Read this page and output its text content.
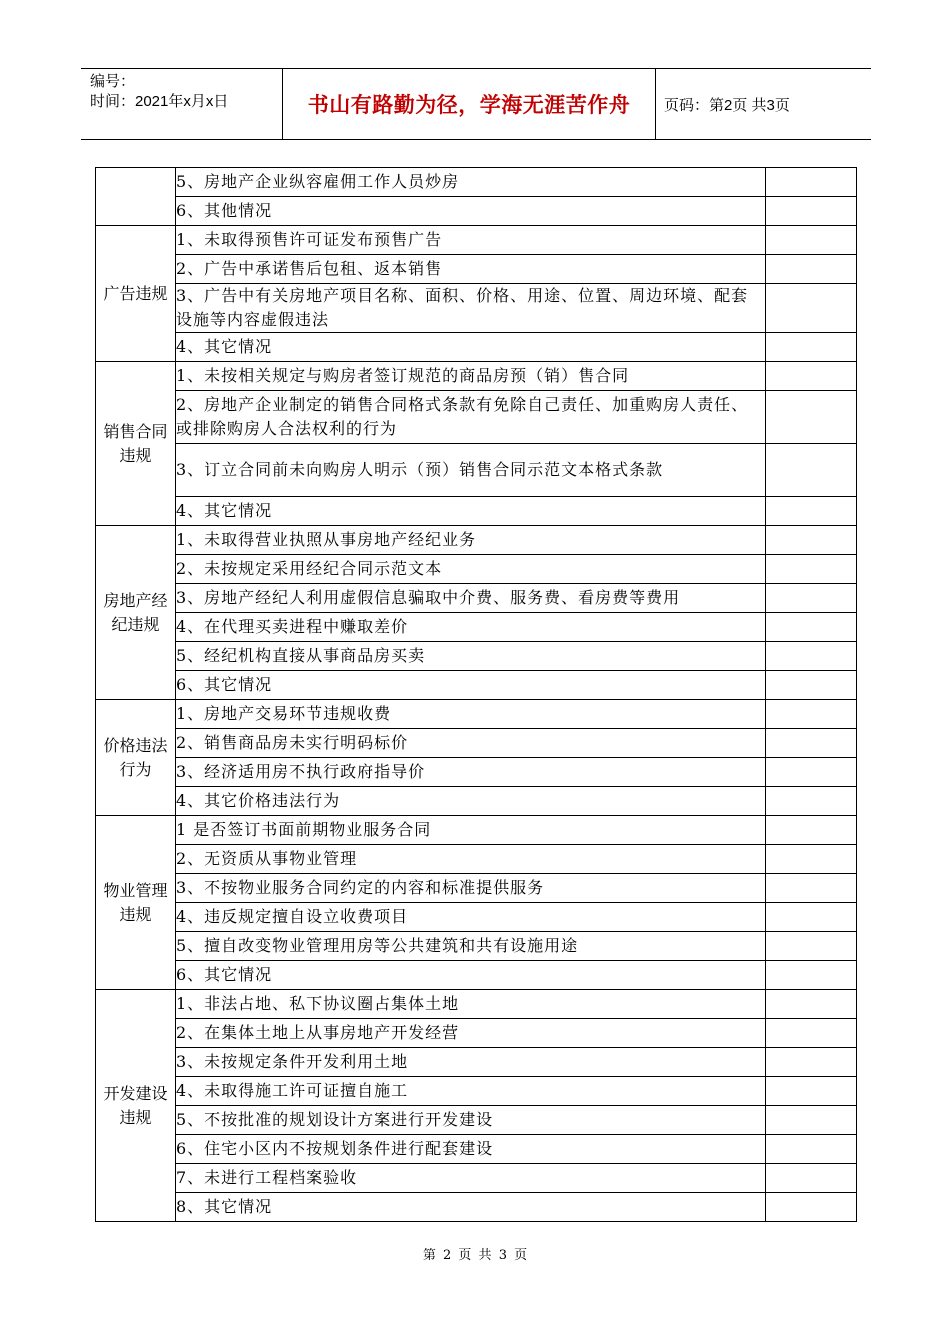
编号：
时间：2021年x月x日	书山有路勤为径，学海无涯苦作舟	页码：第2页 共3页
	5、房地产企业纵容雇佣工作人员炒房	
	6、其他情况	
广告违规	1、未取得预售许可证发布预售广告	
	2、广告中承诺售后包租、返本销售	
	3、广告中有关房地产项目名称、面积、价格、用途、位置、周边环境、配套设施等内容虚假违法	
	4、其它情况	
销售合同违规	1、未按相关规定与购房者签订规范的商品房预（销）售合同	
	2、房地产企业制定的销售合同格式条款有免除自己责任、加重购房人责任、或排除购房人合法权利的行为	
	3、订立合同前未向购房人明示（预）销售合同示范文本格式条款	
	4、其它情况	
房地产经纪违规	1、未取得营业执照从事房地产经纪业务	
	2、未按规定采用经纪合同示范文本	
	3、房地产经纪人利用虚假信息骗取中介费、服务费、看房费等费用	
	4、在代理买卖进程中赚取差价	
	5、经纪机构直接从事商品房买卖	
	6、其它情况	
价格违法行为	1、房地产交易环节违规收费	
	2、销售商品房未实行明码标价	
	3、经济适用房不执行政府指导价	
	4、其它价格违法行为	
物业管理违规	1 是否签订书面前期物业服务合同	
	2、无资质从事物业管理	
	3、不按物业服务合同约定的内容和标准提供服务	
	4、违反规定擅自设立收费项目	
	5、擅自改变物业管理用房等公共建筑和共有设施用途	
	6、其它情况	
开发建设违规	1、非法占地、私下协议圈占集体土地	
	2、在集体土地上从事房地产开发经营	
	3、未按规定条件开发利用土地	
	4、未取得施工许可证擅自施工	
	5、不按批准的规划设计方案进行开发建设	
	6、住宅小区内不按规划条件进行配套建设	
	7、未进行工程档案验收	
	8、其它情况	
第 2 页 共 3 页
